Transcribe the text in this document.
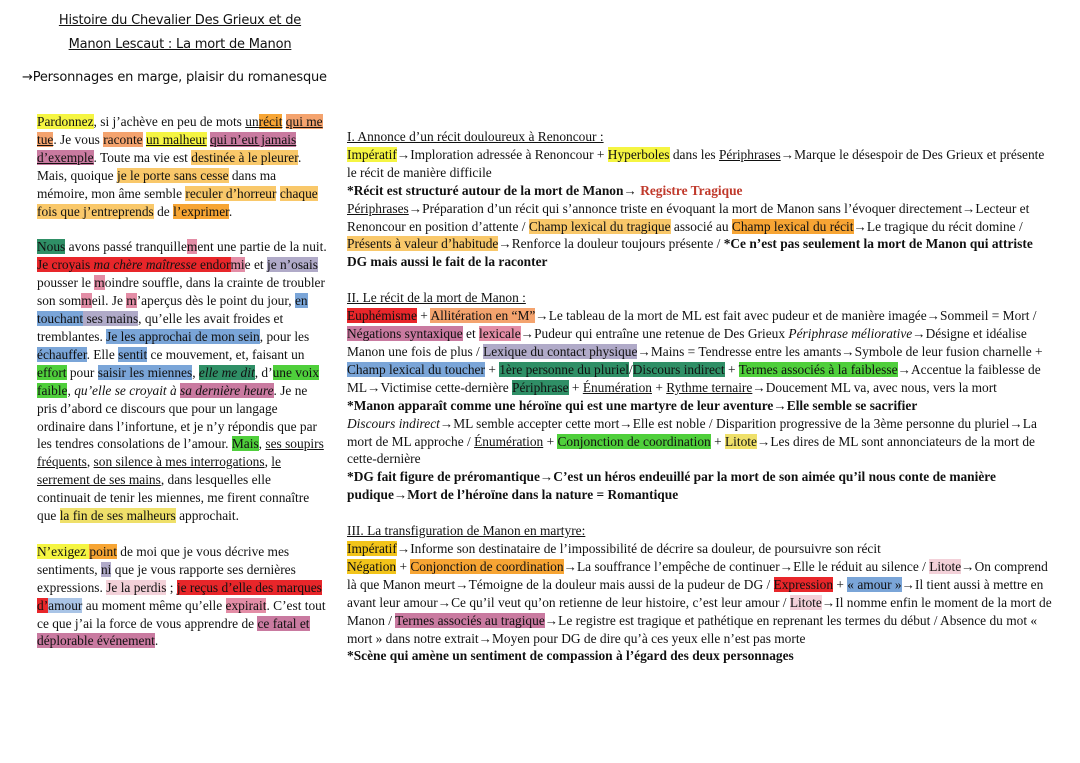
Histoire du Chevalier Des Grieux et de
Manon Lescaut : La mort de Manon
→Personnages en marge, plaisir du romanesque

Pardonnez, si j’achève en peu de mots unrécit qui me tue. Je vous raconte un malheur qui n’eut jamais d’exemple. Toute ma vie est destinée à le pleurer. Mais, quoique je le porte sans cesse dans ma mémoire, mon âme semble reculer d’horreur chaque fois que j’entreprends de l’exprimer.

Nous avons passé tranquillement une partie de la nuit. Je croyais ma chère maîtresse endormie et je n’osais pousser le moindre souffle, dans la crainte de troubler son sommeil. Je m’aperçus dès le point du jour, en touchant ses mains, qu’elle les avait froides et tremblantes. Je les approchai de mon sein, pour les échauffer. Elle sentit ce mouvement, et, faisant un effort pour saisir les miennes, elle me dit, d’une voix faible, qu’elle se croyait à sa dernière heure. Je ne pris d’abord ce discours que pour un langage ordinaire dans l’infortune, et je n’y répondis que par les tendres consolations de l’amour. Mais, ses soupirs fréquents, son silence à mes interrogations, le serrement de ses mains, dans lesquelles elle continuait de tenir les miennes, me firent connaître que la fin de ses malheurs approchait.

N’exigez point de moi que je vous décrive mes sentiments, ni que je vous rapporte ses dernières expressions. Je la perdis ; je reçus d’elle des marques d’amour au moment même qu’elle expirait. C’est tout ce que j’ai la force de vous apprendre de ce fatal et déplorable événement.

I. Annonce d’un récit douloureux à Renoncour :

Impératif→Imploration adressée à Renoncour + Hyperboles dans les Périphrases→Marque le désespoir de Des Grieux et présente le récit de manière difficile
*Récit est structuré autour de la mort de Manon→ Registre Tragique
Périphrases→Préparation d’un récit qui s’annonce triste en évoquant la mort de Manon sans l’évoquer directement→Lecteur et Renoncour en position d’attente / Champ lexical du tragique associé au Champ lexical du récit→Le tragique du récit domine / Présents à valeur d’habitude→Renforce la douleur toujours présente / *Ce n’est pas seulement la mort de Manon qui attriste DG mais aussi le fait de la raconter

II. Le récit de la mort de Manon :

Euphémisme + Allitération en “M”→Le tableau de la mort de ML est fait avec pudeur et de manière imagée→Sommeil = Mort / Négations syntaxique et lexicale→Pudeur qui entraîne une retenue de Des Grieux Périphrase méliorative→Désigne et idéalise Manon une fois de plus / Lexique du contact physique→Mains = Tendresse entre les amants→Symbole de leur fusion charnelle + Champ lexical du toucher + 1ère personne du pluriel/Discours indirect + Termes associés à la faiblesse→Accentue la faiblesse de ML→Victimise cette-dernière Périphrase + Énumération + Rythme ternaire→Doucement ML va, avec nous, vers la mort
*Manon apparaît comme une héroïne qui est une martyre de leur aventure→Elle semble se sacrifier
Discours indirect→ML semble accepter cette mort→Elle est noble / Disparition progressive de la 3ème personne du pluriel→La mort de ML approche / Énumération + Conjonction de coordination + Litote→Les dires de ML sont annonciateurs de la mort de cette-dernière
*DG fait figure de préromantique→C’est un héros endeuillé par la mort de son aimée qu’il nous conte de manière pudique→Mort de l’héroïne dans la nature = Romantique

III. La transfiguration de Manon en martyre:

Impératif→Informe son destinataire de l’impossibilité de décrire sa douleur, de poursuivre son récit
Négation + Conjonction de coordination→La souffrance l’empêche de continuer→Elle le réduit au silence / Litote→On comprend là que Manon meurt→Témoigne de la douleur mais aussi de la pudeur de DG / Expression + « amour »→Il tient aussi à mettre en avant leur amour→Ce qu’il veut qu’on retienne de leur histoire, c’est leur amour / Litote→Il nomme enfin le moment de la mort de Manon / Termes associés au tragique→Le registre est tragique et pathétique en reprenant les termes du début / Absence du mot « mort » dans notre extrait→Moyen pour DG de dire qu’à ces yeux elle n’est pas morte
*Scène qui amène un sentiment de compassion à l’égard des deux personnages
